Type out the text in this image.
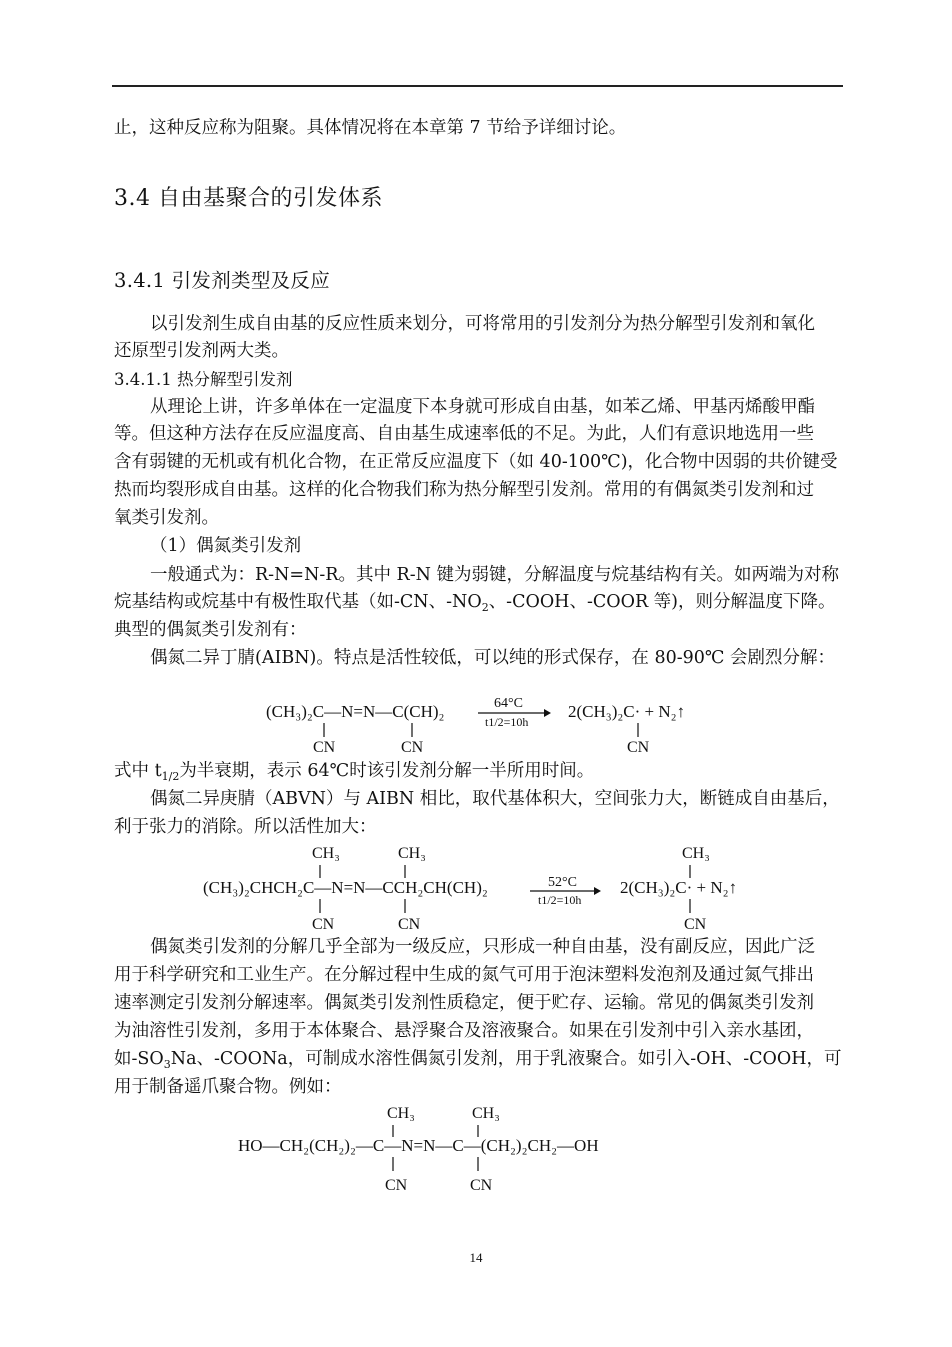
止，这种反应称为阻聚。具体情况将在本章第 7 节给予详细讨论。
3.4 自由基聚合的引发体系
3.4.1 引发剂类型及反应
以引发剂生成自由基的反应性质来划分，可将常用的引发剂分为热分解型引发剂和氧化
还原型引发剂两大类。
3.4.1.1 热分解型引发剂
从理论上讲，许多单体在一定温度下本身就可形成自由基，如苯乙烯、甲基丙烯酸甲酯
等。但这种方法存在反应温度高、自由基生成速率低的不足。为此，人们有意识地选用一些
含有弱键的无机或有机化合物，在正常反应温度下（如 40-100℃)，化合物中因弱的共价键受
热而均裂形成自由基。这样的化合物我们称为热分解型引发剂。常用的有偶氮类引发剂和过
氧类引发剂。
（1）偶氮类引发剂
一般通式为：R-N=N-R。其中 R-N 键为弱键，分解温度与烷基结构有关。如两端为对称
烷基结构或烷基中有极性取代基（如-CN、$-NO_2$、-COOH、-COOR 等)，则分解温度下降。
典型的偶氮类引发剂有：
偶氮二异丁腈(AIBN)。特点是活性较低，可以纯的形式保存，在 80-90℃ 会剧烈分解：
式中 $t_{1/2}$为半衰期，表示 64℃时该引发剂分解一半所用时间。
偶氮二异庚腈（ABVN）与 AIBN 相比，取代基体积大，空间张力大，断链成自由基后，
利于张力的消除。所以活性加大：
偶氮类引发剂的分解几乎全部为一级反应，只形成一种自由基，没有副反应，因此广泛
用于科学研究和工业生产。在分解过程中生成的氮气可用于泡沫塑料发泡剂及通过氮气排出
速率测定引发剂分解速率。偶氮类引发剂性质稳定，便于贮存、运输。常见的偶氮类引发剂
为油溶性引发剂，多用于本体聚合、悬浮聚合及溶液聚合。如果在引发剂中引入亲水基团，
如$-SO_3Na$、-COONa，可制成水溶性偶氮引发剂，用于乳液聚合。如引入-OH、-COOH，可
用于制备遥爪聚合物。例如：
(CH₃)₂C—N=N—C(CH)₂
CN	CN
64°C
t1/2=10h
2(CH₃)₂C· + N₂↑
CN
CH₃	CH₃	CH₃
(CH₃)₂CHCH₂C—N=N—CCH₂CH(CH)₂	52°C
t1/2=10h
2(CH₃)₂C· + N₂↑
CN	CN	CN
CH₃	CH₃
HO—CH₂(CH₂)₂—C—N=N—C—(CH₂)₂CH₂—OH
CN	CN
14
